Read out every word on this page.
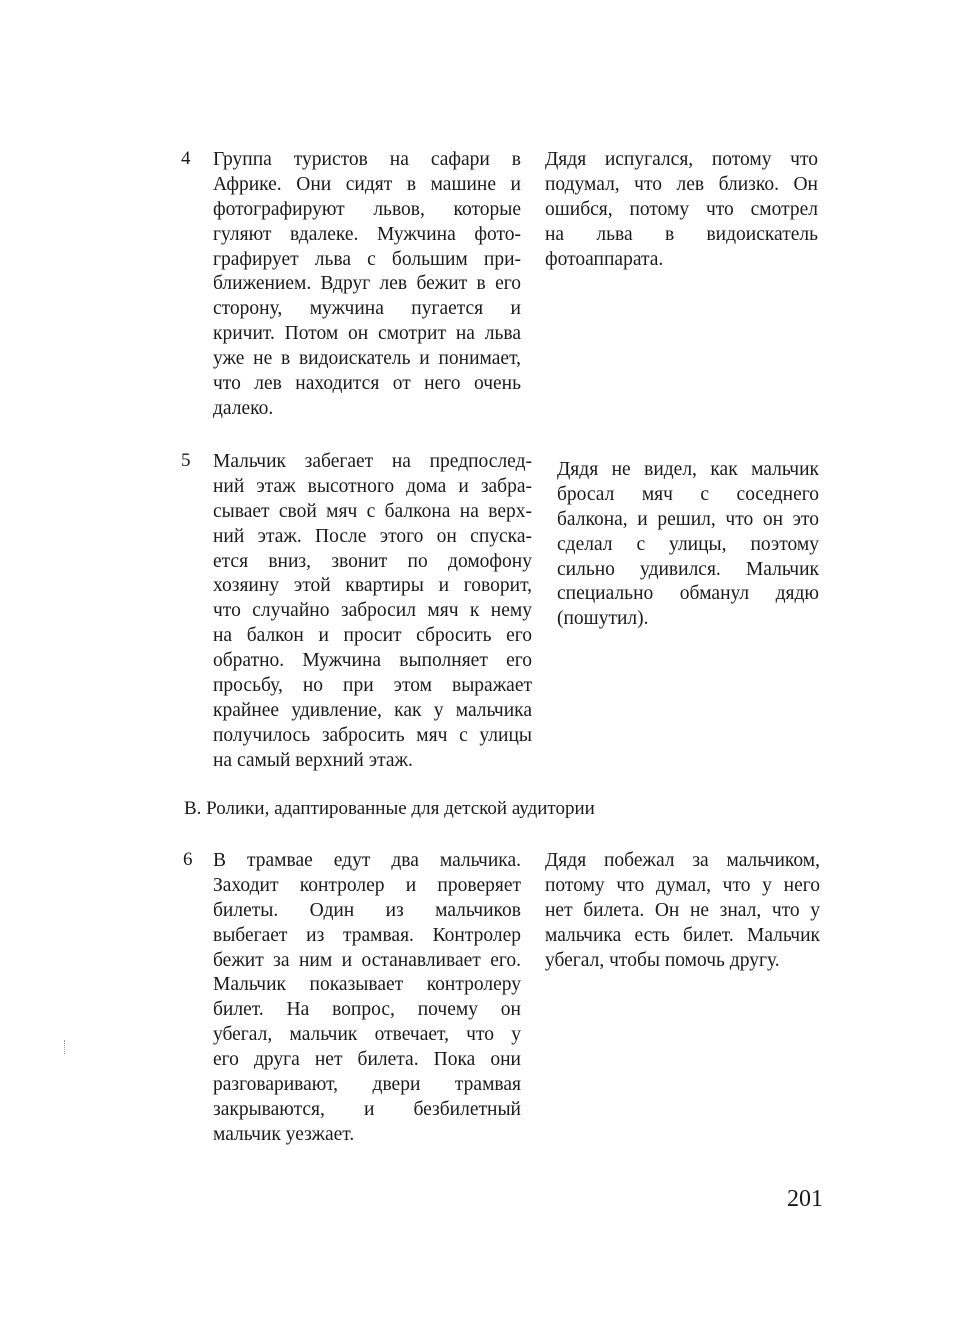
4 Группа туристов на сафари в
Африке. Они сидят в машине и
фотографируют львов, которые
гуляют вдалеке. Мужчина фото-
графирует льва с большим при-
ближением. Вдруг лев бежит в его
сторону, мужчина пугается и
кричит. Потом он смотрит на льва
уже не в видоискатель и понимает,
что лев находится от него очень
далеко.
Дядя испугался, потому что
подумал, что лев близко. Он
ошибся, потому что смотрел
на льва в видоискатель
фотоаппарата.
5 Мальчик забегает на предпослед-
ний этаж высотного дома и забра-
сывает свой мяч с балкона на верх-
ний этаж. После этого он спуска-
ется вниз, звонит по домофону
хозяину этой квартиры и говорит,
что случайно забросил мяч к нему
на балкон и просит сбросить его
обратно. Мужчина выполняет его
просьбу, но при этом выражает
крайнее удивление, как у мальчика
получилось забросить мяч с улицы
на самый верхний этаж.
Дядя не видел, как мальчик
бросал мяч с соседнего
балкона, и решил, что он это
сделал с улицы, поэтому
сильно удивился. Мальчик
специально обманул дядю
(пошутил).
B. Ролики, адаптированные для детской аудитории
6 В трамвае едут два мальчика.
Заходит контролер и проверяет
билеты. Один из мальчиков
выбегает из трамвая. Контролер
бежит за ним и останавливает его.
Мальчик показывает контролеру
билет. На вопрос, почему он
убегал, мальчик отвечает, что у
его друга нет билета. Пока они
разговаривают, двери трамвая
закрываются, и безбилетный
мальчик уезжает.
Дядя побежал за мальчиком,
потому что думал, что у него
нет билета. Он не знал, что у
мальчика есть билет. Мальчик
убегал, чтобы помочь другу.
201
